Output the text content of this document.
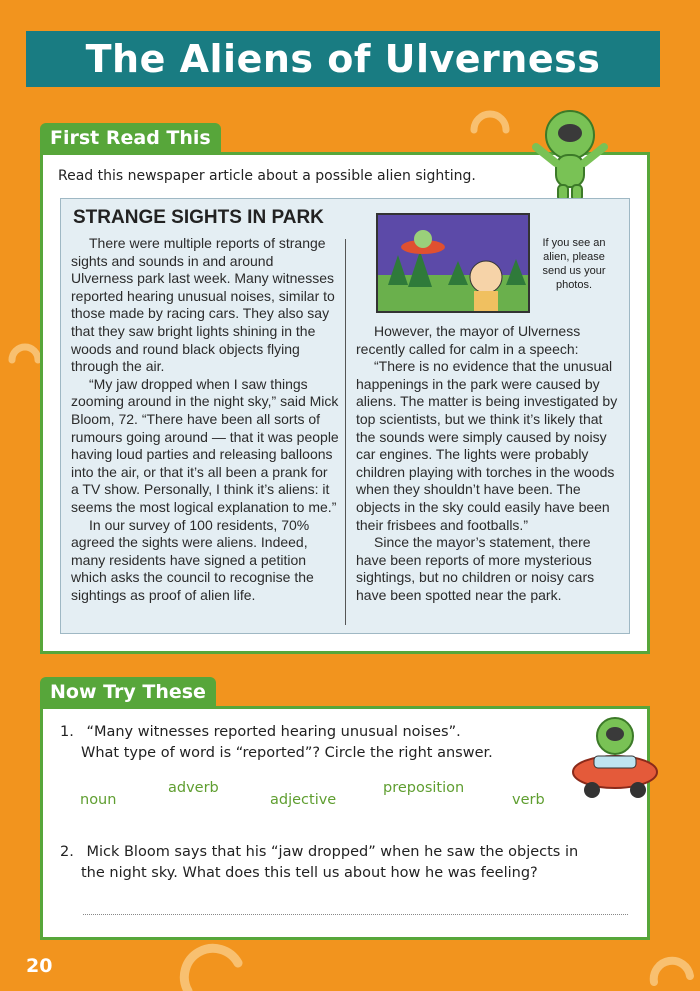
The Aliens of Ulverness
First Read This
Read this newspaper article about a possible alien sighting.
STRANGE SIGHTS IN PARK

There were multiple reports of strange sights and sounds in and around Ulverness park last week. Many witnesses reported hearing unusual noises, similar to those made by racing cars. They also say that they saw bright lights shining in the woods and round black objects flying through the air.

“My jaw dropped when I saw things zooming around in the night sky,” said Mick Bloom, 72. “There have been all sorts of rumours going around — that it was people having loud parties and releasing balloons into the air, or that it’s all been a prank for a TV show. Personally, I think it’s aliens: it seems the most logical explanation to me.”

In our survey of 100 residents, 70% agreed the sights were aliens. Indeed, many residents have signed a petition which asks the council to recognise the sightings as proof of alien life.

If you see an alien, please send us your photos.

However, the mayor of Ulverness recently called for calm in a speech:

“There is no evidence that the unusual happenings in the park were caused by aliens. The matter is being investigated by top scientists, but we think it’s likely that the sounds were simply caused by noisy car engines. The lights were probably children playing with torches in the woods when they shouldn’t have been. The objects in the sky could easily have been their frisbees and footballs.”

Since the mayor’s statement, there have been reports of more mysterious sightings, but no children or noisy cars have been spotted near the park.

Now Try These
1. “Many witnesses reported hearing unusual noises”.
What type of word is “reported”? Circle the right answer.
noun
adverb
adjective
preposition
verb
2. Mick Bloom says that his “jaw dropped” when he saw the objects in
the night sky. What does this tell us about how he was feeling?
20
